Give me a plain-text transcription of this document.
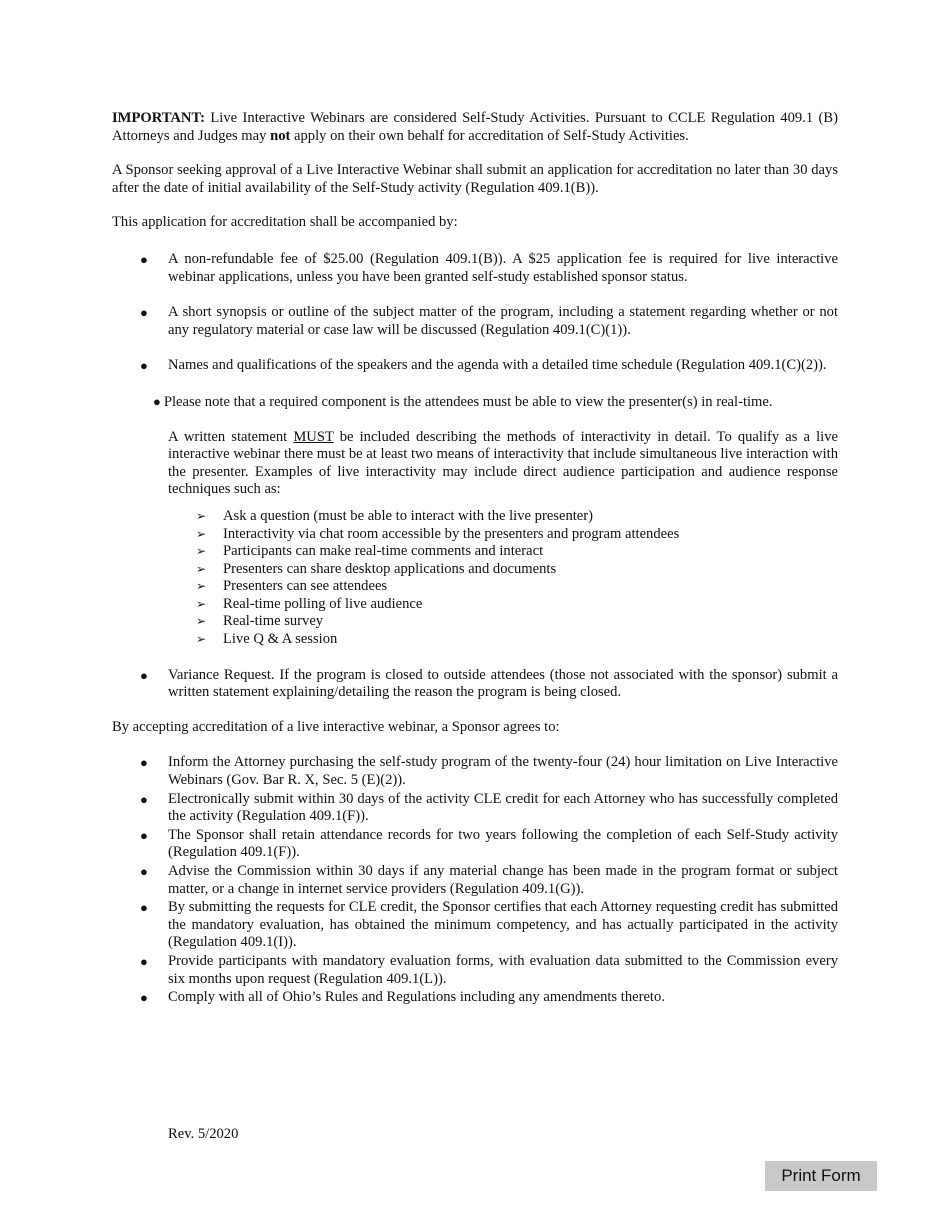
IMPORTANT: Live Interactive Webinars are considered Self-Study Activities. Pursuant to CCLE Regulation 409.1 (B) Attorneys and Judges may not apply on their own behalf for accreditation of Self-Study Activities.

A Sponsor seeking approval of a Live Interactive Webinar shall submit an application for accreditation no later than 30 days after the date of initial availability of the Self-Study activity (Regulation 409.1(B)).

This application for accreditation shall be accompanied by:

● A non-refundable fee of $25.00 (Regulation 409.1(B)). A $25 application fee is required for live interactive webinar applications, unless you have been granted self-study established sponsor status.
● A short synopsis or outline of the subject matter of the program, including a statement regarding whether or not any regulatory material or case law will be discussed (Regulation 409.1(C)(1)).
● Names and qualifications of the speakers and the agenda with a detailed time schedule (Regulation 409.1(C)(2)).
● Please note that a required component is the attendees must be able to view the presenter(s) in real-time.

A written statement MUST be included describing the methods of interactivity in detail. To qualify as a live interactive webinar there must be at least two means of interactivity that include simultaneous live interaction with the presenter. Examples of live interactivity may include direct audience participation and audience response techniques such as:

➢ Ask a question (must be able to interact with the live presenter)
➢ Interactivity via chat room accessible by the presenters and program attendees
➢ Participants can make real-time comments and interact
➢ Presenters can share desktop applications and documents
➢ Presenters can see attendees
➢ Real-time polling of live audience
➢ Real-time survey
➢ Live Q & A session
● Variance Request. If the program is closed to outside attendees (those not associated with the sponsor) submit a written statement explaining/detailing the reason the program is being closed.

By accepting accreditation of a live interactive webinar, a Sponsor agrees to:

● Inform the Attorney purchasing the self-study program of the twenty-four (24) hour limitation on Live Interactive Webinars (Gov. Bar R. X, Sec. 5 (E)(2)).
● Electronically submit within 30 days of the activity CLE credit for each Attorney who has successfully completed the activity (Regulation 409.1(F)).
● The Sponsor shall retain attendance records for two years following the completion of each Self-Study activity (Regulation 409.1(F)).
● Advise the Commission within 30 days if any material change has been made in the program format or subject matter, or a change in internet service providers (Regulation 409.1(G)).
● By submitting the requests for CLE credit, the Sponsor certifies that each Attorney requesting credit has submitted the mandatory evaluation, has obtained the minimum competency, and has actually participated in the activity (Regulation 409.1(I)).
● Provide participants with mandatory evaluation forms, with evaluation data submitted to the Commission every six months upon request (Regulation 409.1(L)).
● Comply with all of Ohio’s Rules and Regulations including any amendments thereto.
Rev. 5/2020
Print Form
